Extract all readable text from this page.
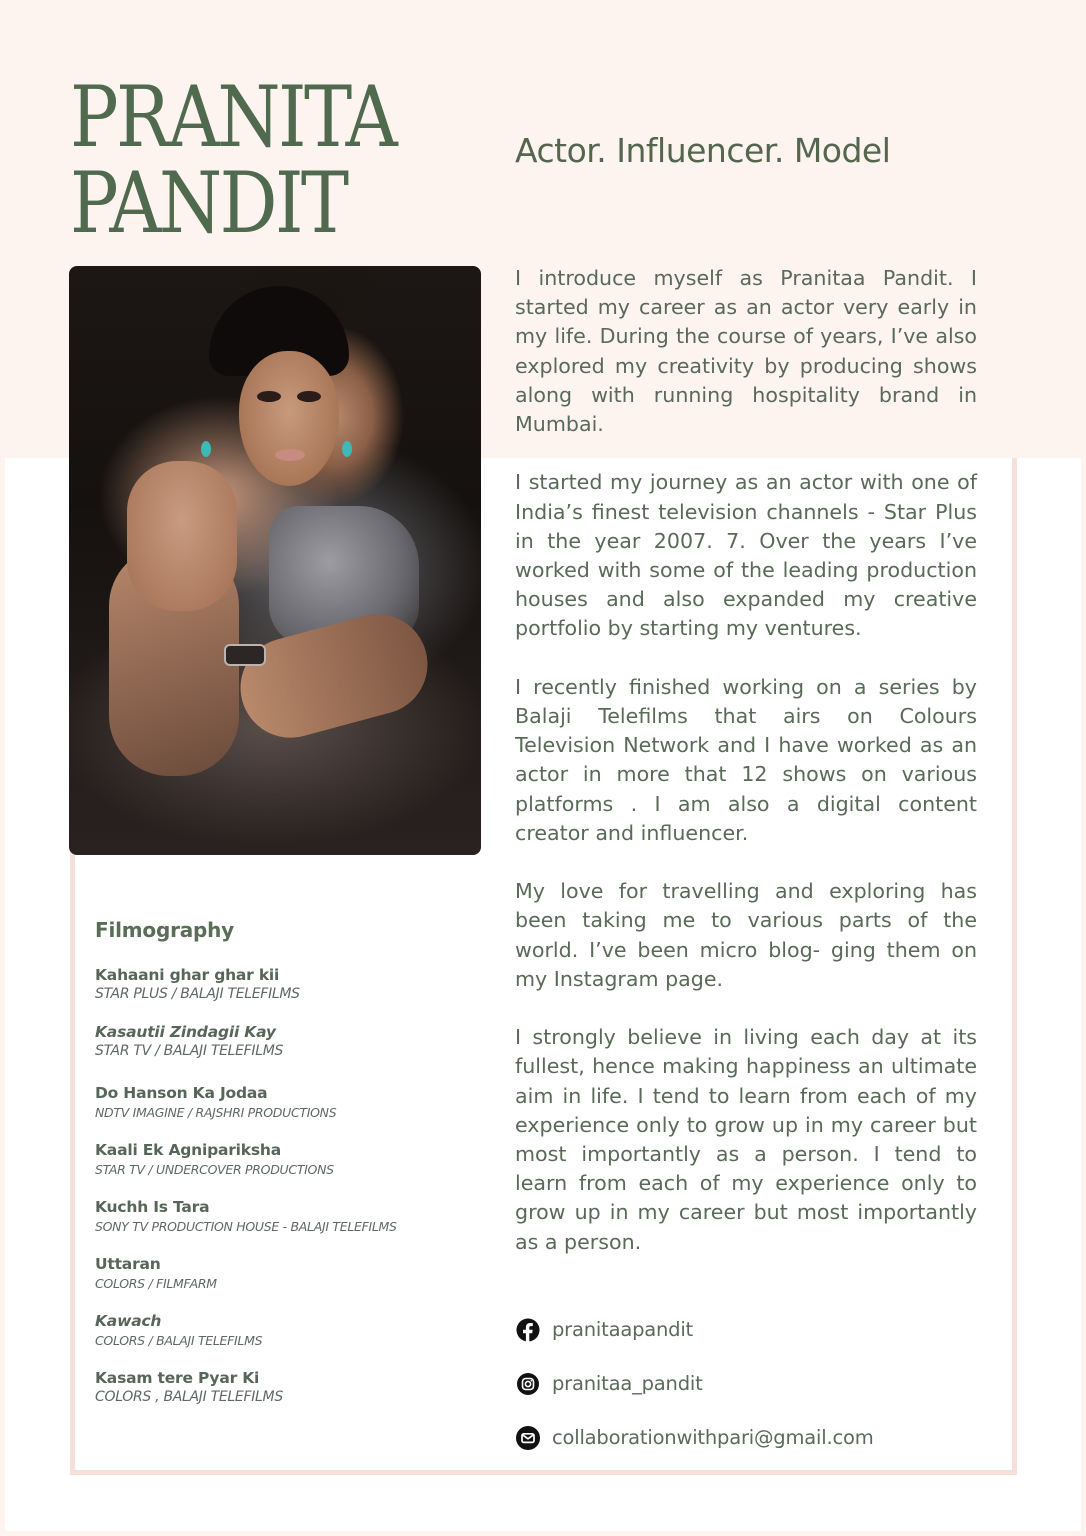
PRANITA
PANDIT
Actor. Influencer. Model

I introduce myself as Pranitaa Pandit. I started my career as an actor very early in my life. During the course of years, I’ve also explored my creativity by producing shows along with running hospitality brand in Mumbai.

I started my journey as an actor with one of India’s finest television channels - Star Plus in the year 2007. 7. Over the years I’ve worked with some of the leading production houses and also expanded my creative portfolio by starting my ventures.

I recently finished working on a series by Balaji Telefilms that airs on Colours Television Network and I have worked as an actor in more that 12 shows on various platforms . I am also a digital content creator and influencer.

My love for travelling and exploring has been taking me to various parts of the world. I’ve been micro blog- ging them on my Instagram page.

I strongly believe in living each day at its fullest, hence making happiness an ultimate aim in life. I tend to learn from each of my experience only to grow up in my career but most importantly as a person. I tend to learn from each of my experience only to grow up in my career but most importantly as a person.

Filmography
Kahaani ghar ghar kii
STAR PLUS / BALAJI TELEFILMS
Kasautii Zindagii Kay
STAR TV / BALAJI TELEFILMS
Do Hanson Ka Jodaa
NDTV IMAGINE / RAJSHRI PRODUCTIONS
Kaali Ek Agnipariksha
STAR TV / UNDERCOVER PRODUCTIONS
Kuchh Is Tara
SONY TV PRODUCTION HOUSE - BALAJI TELEFILMS
Uttaran
COLORS / FILMFARM
Kawach
COLORS / BALAJI TELEFILMS
Kasam tere Pyar Ki
COLORS , BALAJI TELEFILMS
pranitaapandit
pranitaa_pandit
collaborationwithpari@gmail.com
